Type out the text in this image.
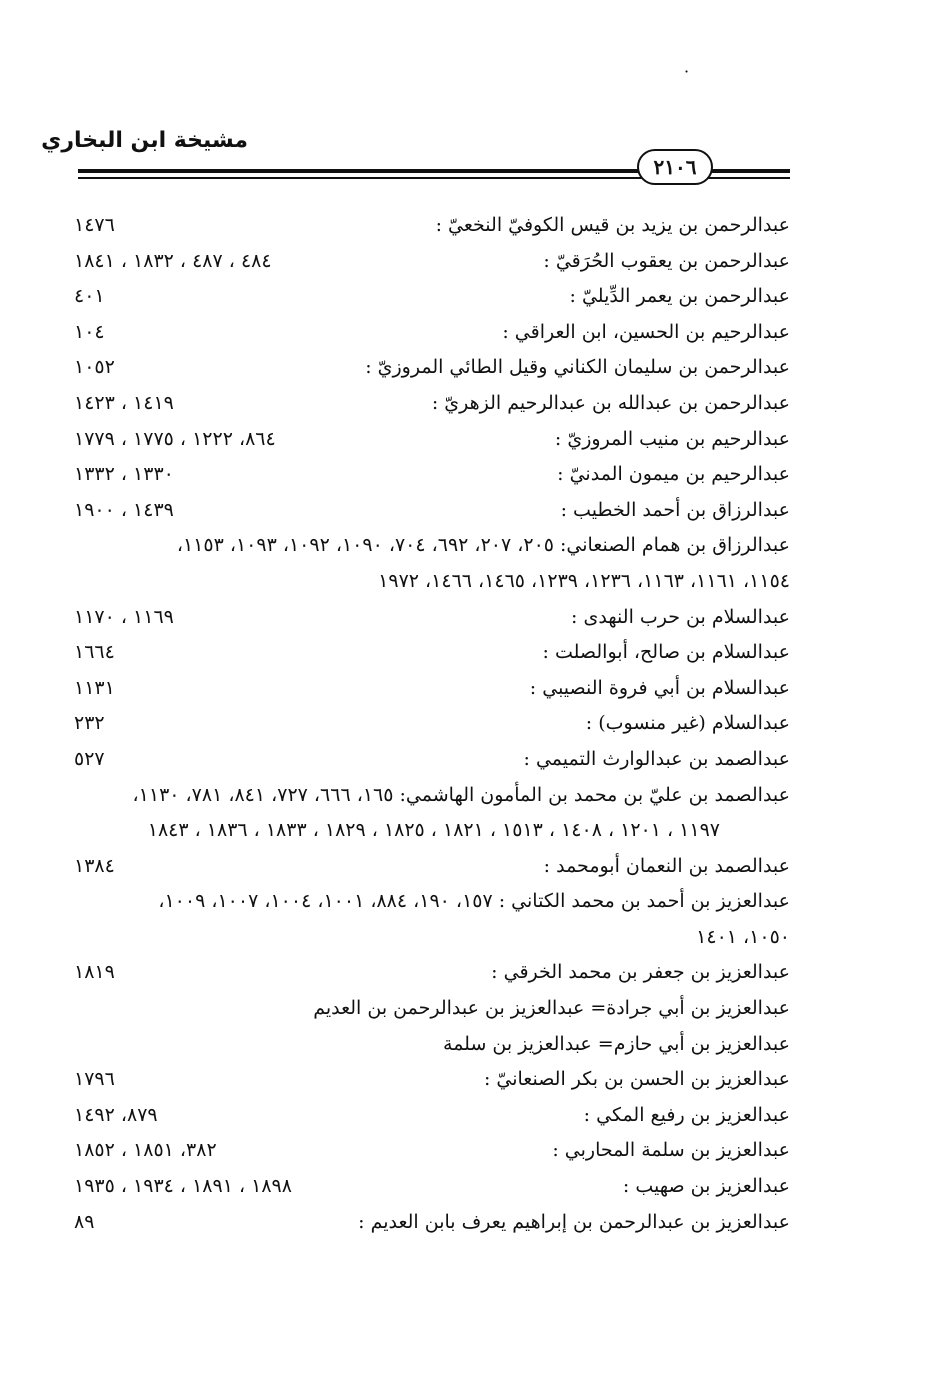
·
مشيخة ابن البخاري
٢١٠٦
عبدالرحمن بن يزيد بن قيس الكوفيّ النخعيّ :
١٤٧٦
عبدالرحمن بن يعقوب الحُرَقيّ :
٤٨٤ ، ٤٨٧ ، ١٨٣٢ ، ١٨٤١
عبدالرحمن بن يعمر الدِّيليّ :
٤٠١
عبدالرحيم بن الحسين، ابن العراقي :
١٠٤
عبدالرحمن بن سليمان الكناني وقيل الطائي المروزيّ :
١٠٥٢
عبدالرحمن بن عبدالله بن عبدالرحيم الزهريّ :
١٤١٩ ، ١٤٢٣
عبدالرحيم بن منيب المروزيّ :
٨٦٤، ١٢٢٢ ، ١٧٧٥ ، ١٧٧٩
عبدالرحيم بن ميمون المدنيّ :
١٣٣٠ ، ١٣٣٢
عبدالرزاق بن أحمد الخطيب :
١٤٣٩ ، ١٩٠٠
عبدالرزاق بن همام الصنعاني: ٢٠٥، ٢٠٧، ٦٩٢، ٧٠٤، ١٠٩٠، ١٠٩٢، ١٠٩٣، ١١٥٣،
١١٥٤، ١١٦١، ١١٦٣، ١٢٣٦، ١٢٣٩، ١٤٦٥، ١٤٦٦، ١٩٧٢
عبدالسلام بن حرب النهدى :
١١٦٩ ، ١١٧٠
عبدالسلام بن صالح، أبوالصلت :
١٦٦٤
عبدالسلام بن أبي فروة النصيبي :
١١٣١
عبدالسلام (غير منسوب) :
٢٣٢
عبدالصمد بن عبدالوارث التميمي :
٥٢٧
عبدالصمد بن عليّ بن محمد بن المأمون الهاشمي: ١٦٥، ٦٦٦، ٧٢٧، ٨٤١، ٧٨١، ١١٣٠،
١١٩٧ ، ١٢٠١ ، ١٤٠٨ ، ١٥١٣ ، ١٨٢١ ، ١٨٢٥ ، ١٨٢٩ ، ١٨٣٣ ، ١٨٣٦ ، ١٨٤٣
عبدالصمد بن النعمان أبومحمد :
١٣٨٤
عبدالعزيز بن أحمد بن محمد الكتاني : ١٥٧، ١٩٠، ٨٨٤، ١٠٠١، ١٠٠٤، ١٠٠٧، ١٠٠٩،
١٠٥٠، ١٤٠١
عبدالعزيز بن جعفر بن محمد الخرقي :
١٨١٩
عبدالعزيز بن أبي جرادة= عبدالعزيز بن عبدالرحمن بن العديم
عبدالعزيز بن أبي حازم= عبدالعزيز بن سلمة
عبدالعزيز بن الحسن بن بكر الصنعانيّ :
١٧٩٦
عبدالعزيز بن رفيع المكي :
٨٧٩، ١٤٩٢
عبدالعزيز بن سلمة المحاربي :
٣٨٢، ١٨٥١ ، ١٨٥٢
عبدالعزيز بن صهيب :
١٨٩٨ ، ١٨٩١ ، ١٩٣٤ ، ١٩٣٥
عبدالعزيز بن عبدالرحمن بن إبراهيم يعرف بابن العديم :
٨٩
